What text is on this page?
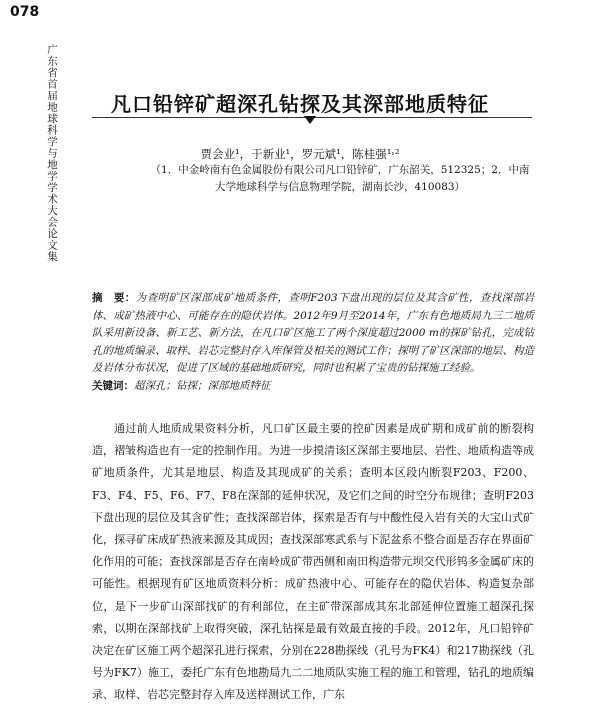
078
广东省首届地球科学与地学学术大会论文集	凡口铅锌矿超深孔钻探及其深部地质特征
贾会业¹，于新业¹，罗元斌¹，陈桂强¹˒²
（1．中金岭南有色金属股份有限公司凡口铅锌矿，广东韶关，512325；2．中南大学地球科学与信息物理学院，湖南长沙，410083）
摘　要：为查明矿区深部成矿地质条件，查明F203下盘出现的层位及其含矿性，查找深部岩体、成矿热液中心、可能存在的隐伏岩体。2012年9月至2014年，广东有色地质局九三二地质队采用新设备、新工艺、新方法，在凡口矿区施工了两个深度超过2000 m的探矿钻孔，完成钻孔的地质编录、取样、岩芯完整封存入库保管及相关的测试工作；探明了矿区深部的地层、构造及岩体分布状况，促进了区域的基础地质研究，同时也积累了宝贵的钻探施工经验。
关键词：超深孔；钻探；深部地质特征
通过前人地质成果资料分析，凡口矿区最主要的控矿因素是成矿期和成矿前的断裂构造，褶皱构造也有一定的控制作用。为进一步摸清该区深部主要地层、岩性、地质构造等成矿地质条件，尤其是地层、构造及其现成矿的关系；查明本区段内断裂F203、F200、F3、F4、F5、F6、F7、F8在深部的延伸状况，及它们之间的时空分布规律；查明F203下盘出现的层位及其含矿性；查找深部岩体，探索是否有与中酸性侵入岩有关的大宝山式矿化，探寻矿床成矿热液来源及其成因；查找深部寒武系与下泥盆系不整合面是否存在界面矿化作用的可能；查找深部是否存在南岭成矿带西侧和南田构造带元坝交代形钨多金属矿床的可能性。根据现有矿区地质资料分析：成矿热液中心、可能存在的隐伏岩体、构造复杂部位，是下一步矿山深部找矿的有利部位，在主矿带深部成其东北部延伸位置施工超深孔探索，以期在深部找矿上取得突破，深孔钻探是最有效最直接的手段。2012年，凡口铅锌矿决定在矿区施工两个超深孔进行探索，分别在228勘探线（孔号为FK4）和217勘探线（孔号为FK7）施工，委托广东有色地勘局九二二地质队实施工程的施工和管理，钻孔的地质编录、取样、岩芯完整封存入库及送样测试工作，广东
